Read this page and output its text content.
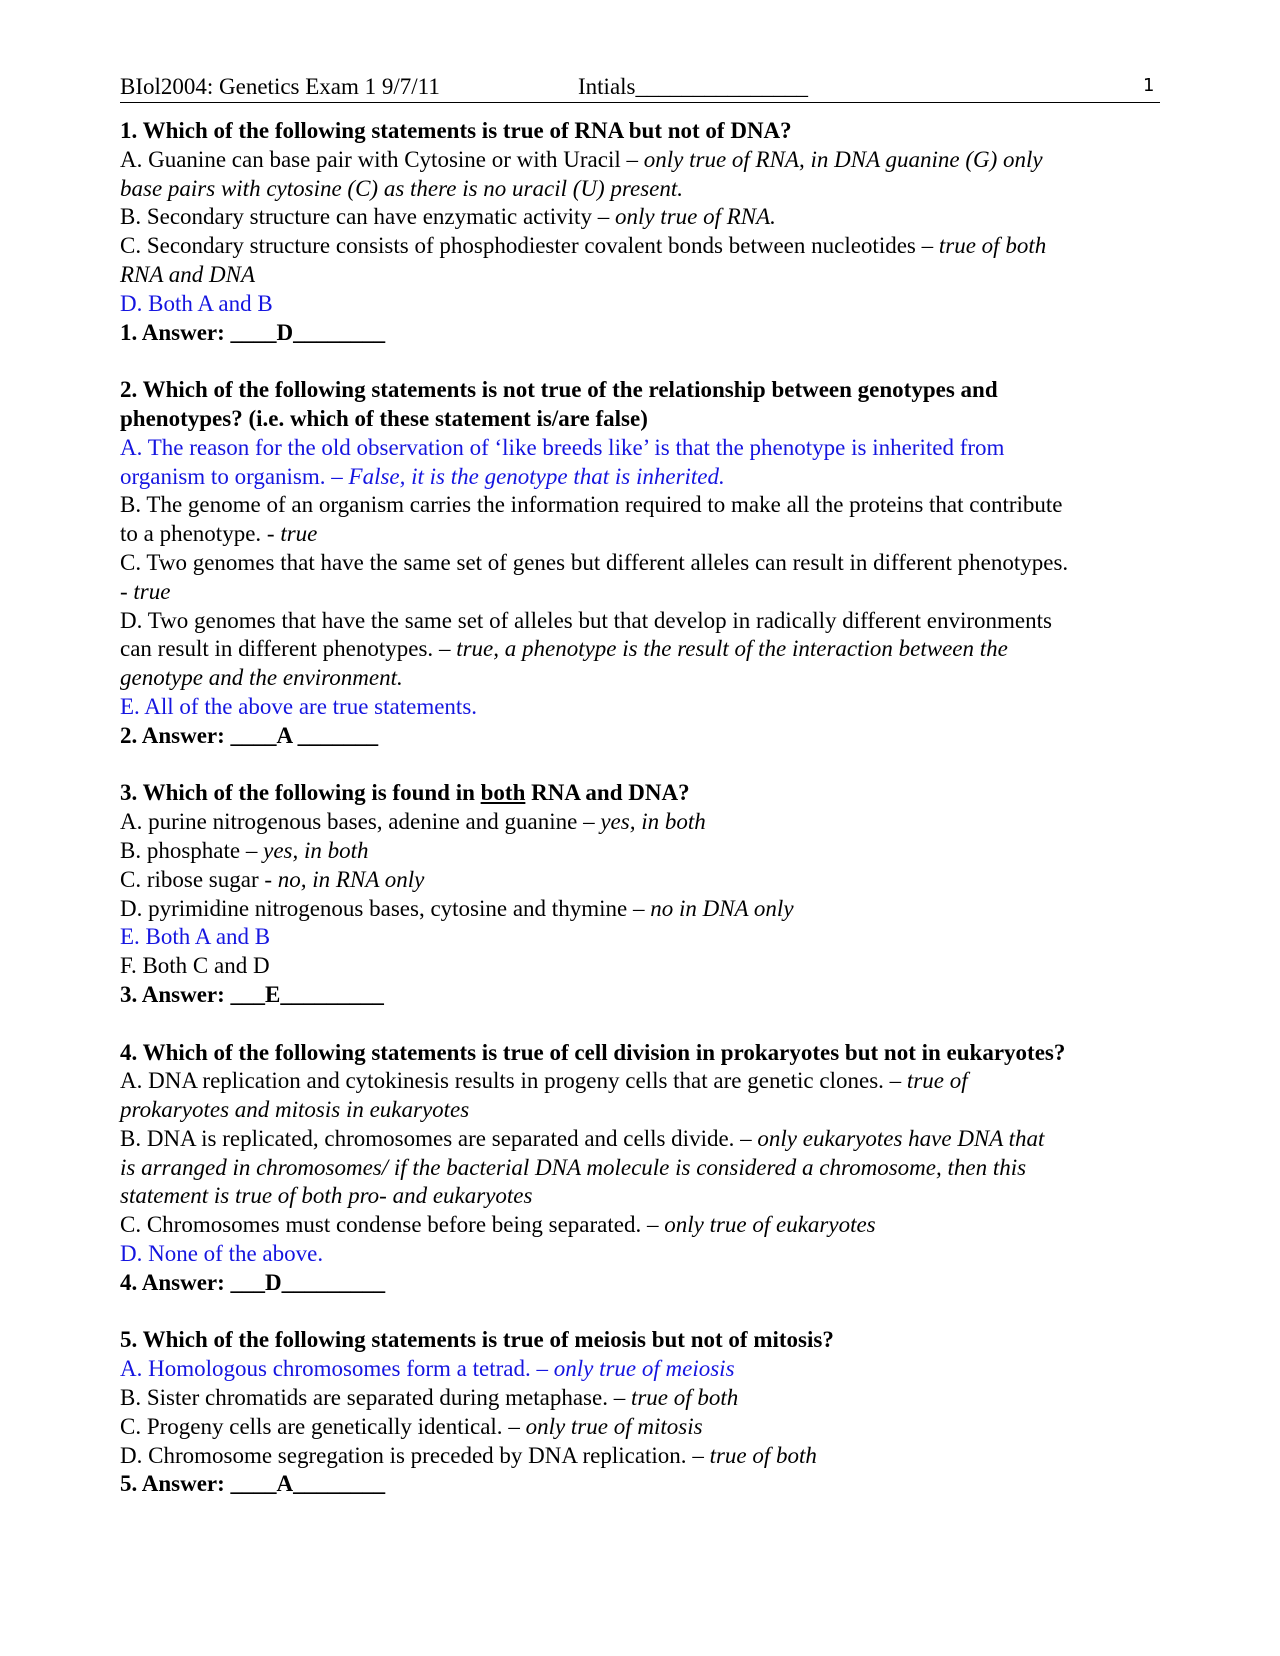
1
BIol2004: Genetics Exam 1 9/7/11	Intials_______________

1. Which of the following statements is true of RNA but not of DNA?

A. Guanine can base pair with Cytosine or with Uracil – only true of RNA, in DNA guanine (G) only

base pairs with cytosine (C) as there is no uracil (U) present.

B. Secondary structure can have enzymatic activity – only true of RNA.

C. Secondary structure consists of phosphodiester covalent bonds between nucleotides – true of both

RNA and DNA

D. Both A and B

1. Answer: ____D________

2. Which of the following statements is not true of the relationship between genotypes and

phenotypes? (i.e. which of these statement is/are false)

A. The reason for the old observation of ‘like breeds like’ is that the phenotype is inherited from

organism to organism. – False, it is the genotype that is inherited.

B. The genome of an organism carries the information required to make all the proteins that contribute

to a phenotype. - true

C. Two genomes that have the same set of genes but different alleles can result in different phenotypes.

- true

D. Two genomes that have the same set of alleles but that develop in radically different environments

can result in different phenotypes. – true, a phenotype is the result of the interaction between the

genotype and the environment.

E. All of the above are true statements.

2. Answer: ____A _______

3. Which of the following is found in both RNA and DNA?

A. purine nitrogenous bases, adenine and guanine – yes, in both

B. phosphate – yes, in both

C. ribose sugar - no, in RNA only

D. pyrimidine nitrogenous bases, cytosine and thymine – no in DNA only

E. Both A and B

F. Both C and D

3. Answer: ___E_________

4. Which of the following statements is true of cell division in prokaryotes but not in eukaryotes?

A. DNA replication and cytokinesis results in progeny cells that are genetic clones. – true of

prokaryotes and mitosis in eukaryotes

B. DNA is replicated, chromosomes are separated and cells divide. – only eukaryotes have DNA that

is arranged in chromosomes/ if the bacterial DNA molecule is considered a chromosome, then this

statement is true of both pro- and eukaryotes

C. Chromosomes must condense before being separated. – only true of eukaryotes

D. None of the above.

4. Answer: ___D_________

5. Which of the following statements is true of meiosis but not of mitosis?

A. Homologous chromosomes form a tetrad. – only true of meiosis

B. Sister chromatids are separated during metaphase. – true of both

C. Progeny cells are genetically identical. – only true of mitosis

D. Chromosome segregation is preceded by DNA replication. – true of both

5. Answer: ____A________
